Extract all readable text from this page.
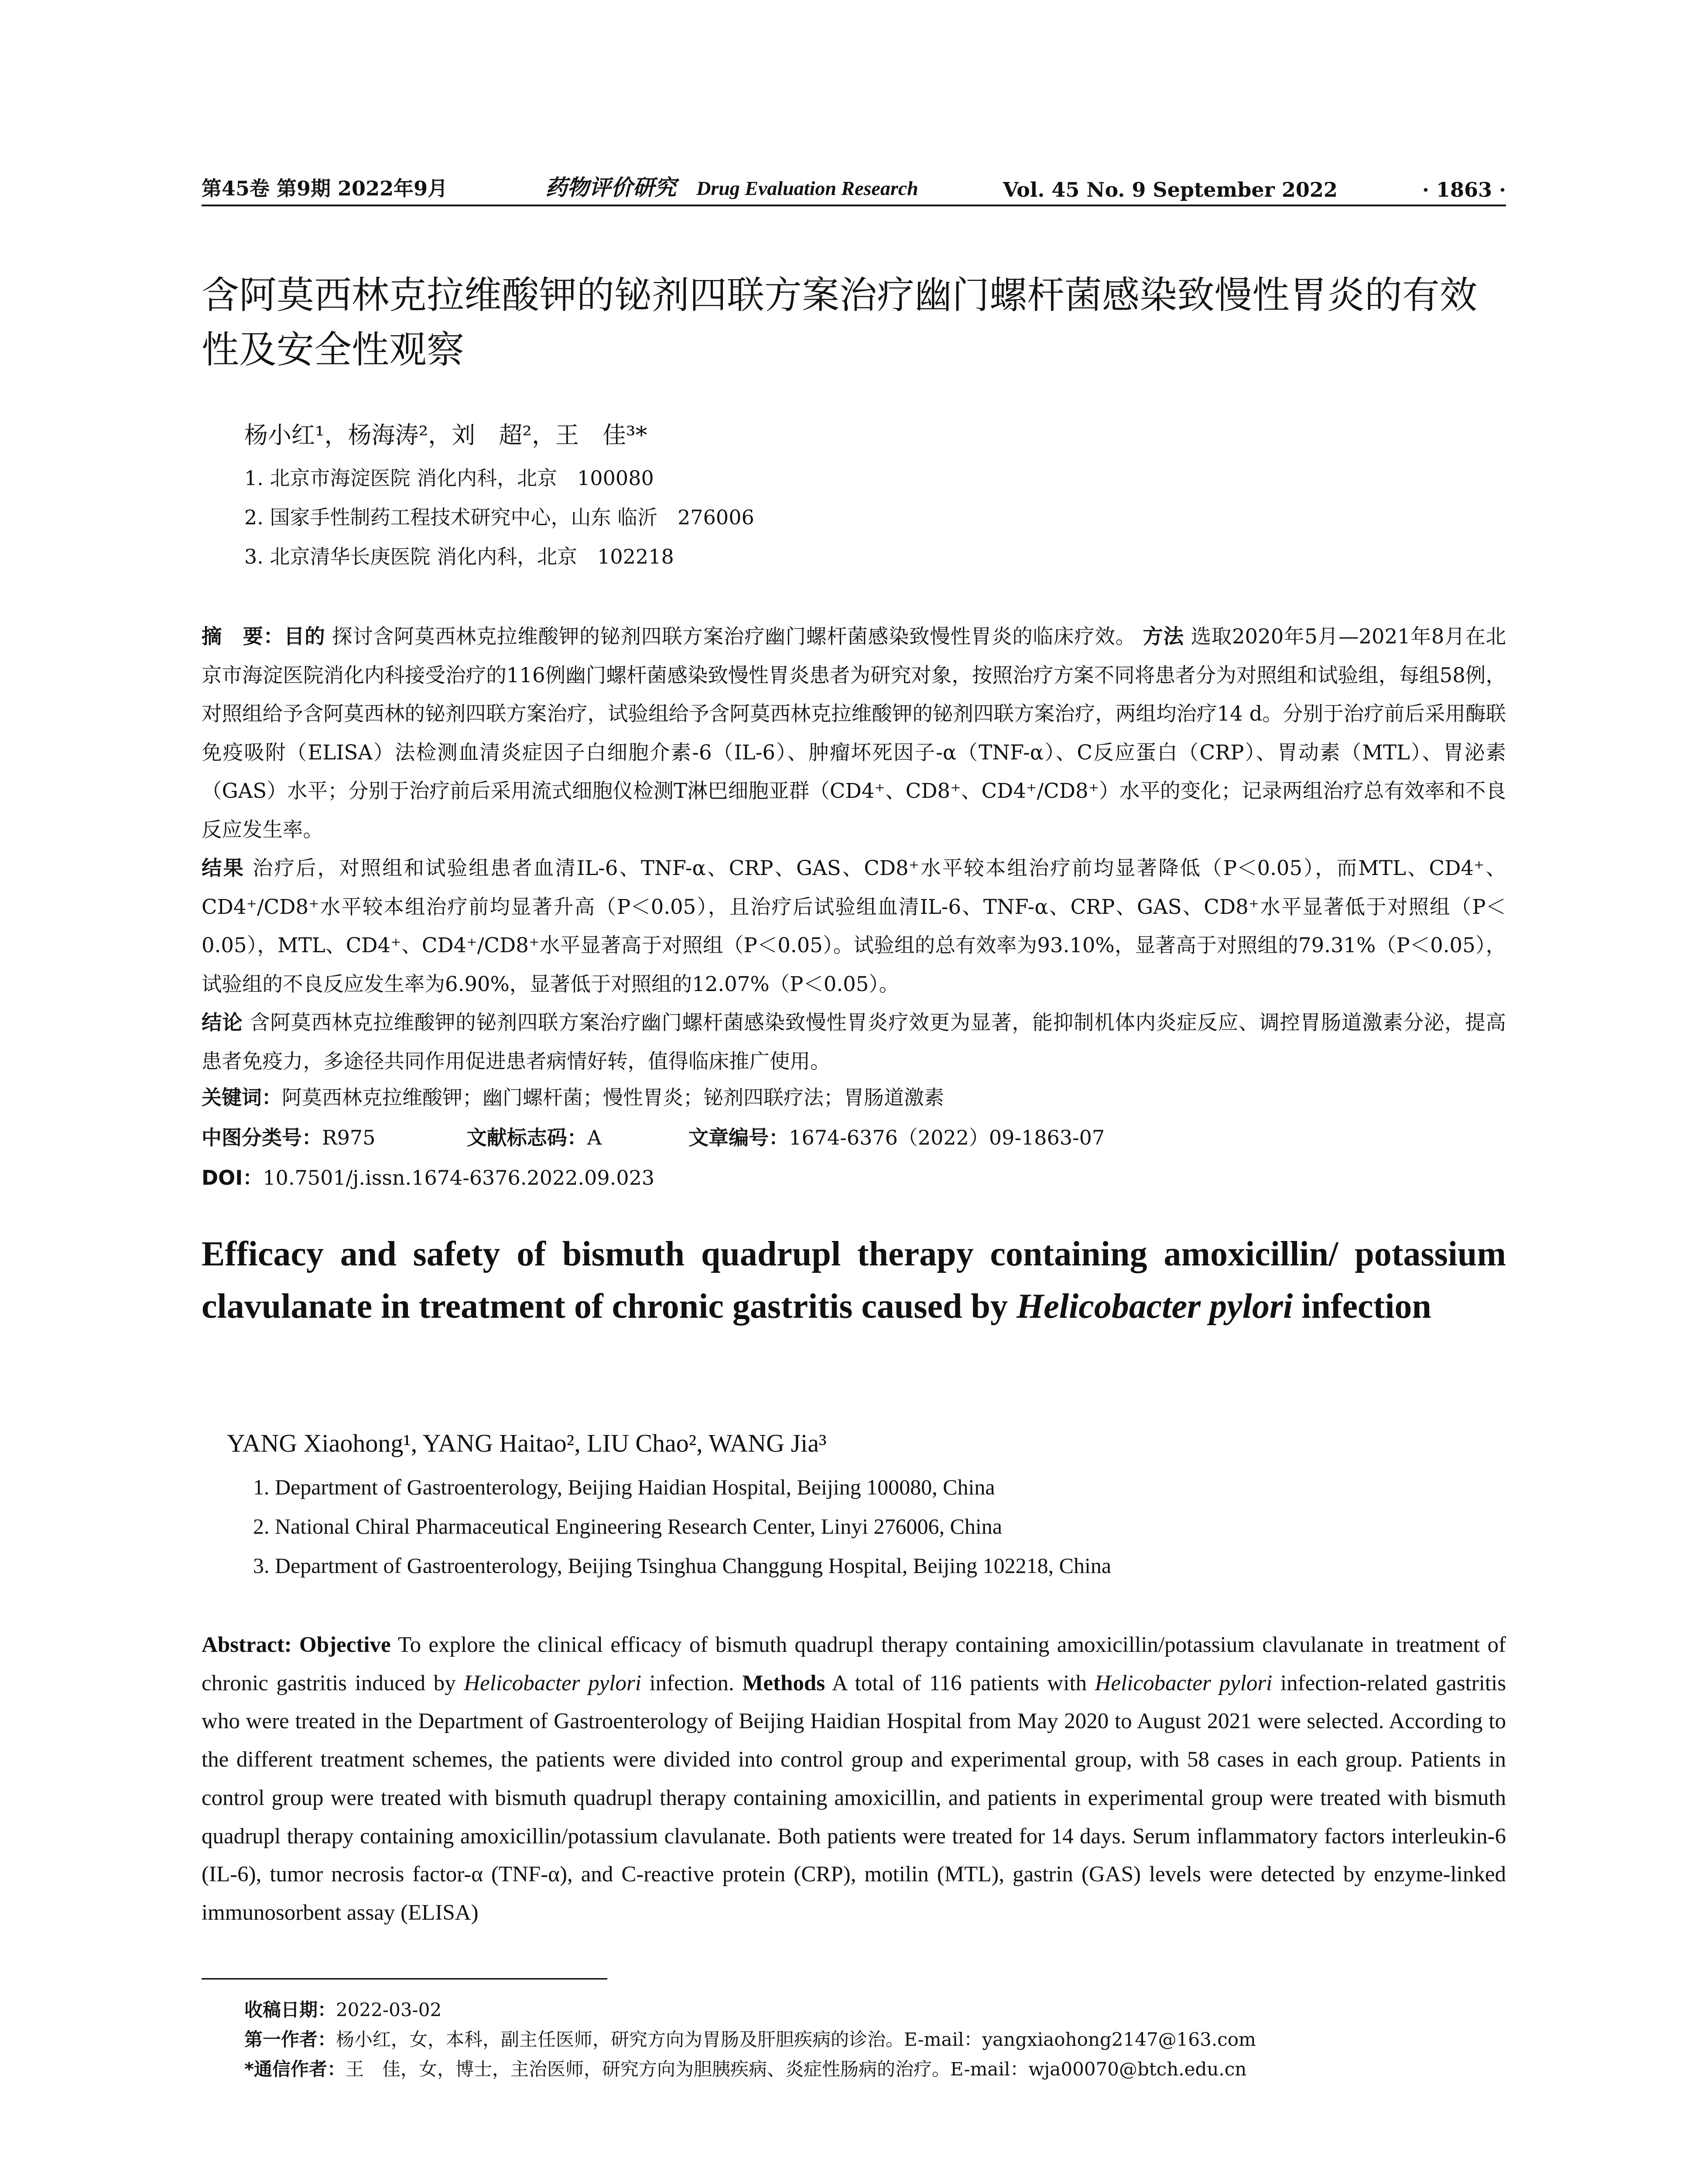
第45卷 第9期 2022年9月	药物评价研究 Drug Evaluation Research	Vol. 45 No. 9 September 2022	· 1863 ·
含阿莫西林克拉维酸钾的铋剂四联方案治疗幽门螺杆菌感染致慢性胃炎的有效性及安全性观察
杨小红¹，杨海涛²，刘　超²，王　佳³*
1. 北京市海淀医院 消化内科，北京　100080
2. 国家手性制药工程技术研究中心，山东 临沂　276006
3. 北京清华长庚医院 消化内科，北京　102218
摘　要：目的 探讨含阿莫西林克拉维酸钾的铋剂四联方案治疗幽门螺杆菌感染致慢性胃炎的临床疗效。 方法 选取2020年5月—2021年8月在北京市海淀医院消化内科接受治疗的116例幽门螺杆菌感染致慢性胃炎患者为研究对象，按照治疗方案不同将患者分为对照组和试验组，每组58例，对照组给予含阿莫西林的铋剂四联方案治疗，试验组给予含阿莫西林克拉维酸钾的铋剂四联方案治疗，两组均治疗14 d。分别于治疗前后采用酶联免疫吸附（ELISA）法检测血清炎症因子白细胞介素-6（IL-6）、肿瘤坏死因子-α（TNF-α）、C反应蛋白（CRP）、胃动素（MTL）、胃泌素（GAS）水平；分别于治疗前后采用流式细胞仪检测T淋巴细胞亚群（CD4⁺、CD8⁺、CD4⁺/CD8⁺）水平的变化；记录两组治疗总有效率和不良反应发生率。
结果 治疗后，对照组和试验组患者血清IL-6、TNF-α、CRP、GAS、CD8⁺水平较本组治疗前均显著降低（P＜0.05），而MTL、CD4⁺、CD4⁺/CD8⁺水平较本组治疗前均显著升高（P＜0.05），且治疗后试验组血清IL-6、TNF-α、CRP、GAS、CD8⁺水平显著低于对照组（P＜0.05），MTL、CD4⁺、CD4⁺/CD8⁺水平显著高于对照组（P＜0.05）。试验组的总有效率为93.10%，显著高于对照组的79.31%（P＜0.05），试验组的不良反应发生率为6.90%，显著低于对照组的12.07%（P＜0.05）。
结论 含阿莫西林克拉维酸钾的铋剂四联方案治疗幽门螺杆菌感染致慢性胃炎疗效更为显著，能抑制机体内炎症反应、调控胃肠道激素分泌，提高患者免疫力，多途径共同作用促进患者病情好转，值得临床推广使用。
关键词：阿莫西林克拉维酸钾；幽门螺杆菌；慢性胃炎；铋剂四联疗法；胃肠道激素
中图分类号：R975	文献标志码：A	文章编号：1674-6376（2022）09-1863-07
DOI：10.7501/j.issn.1674-6376.2022.09.023
Efficacy and safety of bismuth quadrupl therapy containing amoxicillin/ potassium clavulanate in treatment of chronic gastritis caused by Helicobacter pylori infection
YANG Xiaohong¹, YANG Haitao², LIU Chao², WANG Jia³
1. Department of Gastroenterology, Beijing Haidian Hospital, Beijing 100080, China
2. National Chiral Pharmaceutical Engineering Research Center, Linyi 276006, China
3. Department of Gastroenterology, Beijing Tsinghua Changgung Hospital, Beijing 102218, China
Abstract: Objective To explore the clinical efficacy of bismuth quadrupl therapy containing amoxicillin/potassium clavulanate in treatment of chronic gastritis induced by Helicobacter pylori infection. Methods A total of 116 patients with Helicobacter pylori infection-related gastritis who were treated in the Department of Gastroenterology of Beijing Haidian Hospital from May 2020 to August 2021 were selected. According to the different treatment schemes, the patients were divided into control group and experimental group, with 58 cases in each group. Patients in control group were treated with bismuth quadrupl therapy containing amoxicillin, and patients in experimental group were treated with bismuth quadrupl therapy containing amoxicillin/potassium clavulanate. Both patients were treated for 14 days. Serum inflammatory factors interleukin-6 (IL-6), tumor necrosis factor-α (TNF-α), and C-reactive protein (CRP), motilin (MTL), gastrin (GAS) levels were detected by enzyme-linked immunosorbent assay (ELISA)
收稿日期：2022-03-02
第一作者：杨小红，女，本科，副主任医师，研究方向为胃肠及肝胆疾病的诊治。E-mail：yangxiaohong2147@163.com
*通信作者：王　佳，女，博士，主治医师，研究方向为胆胰疾病、炎症性肠病的治疗。E-mail：wja00070@btch.edu.cn
